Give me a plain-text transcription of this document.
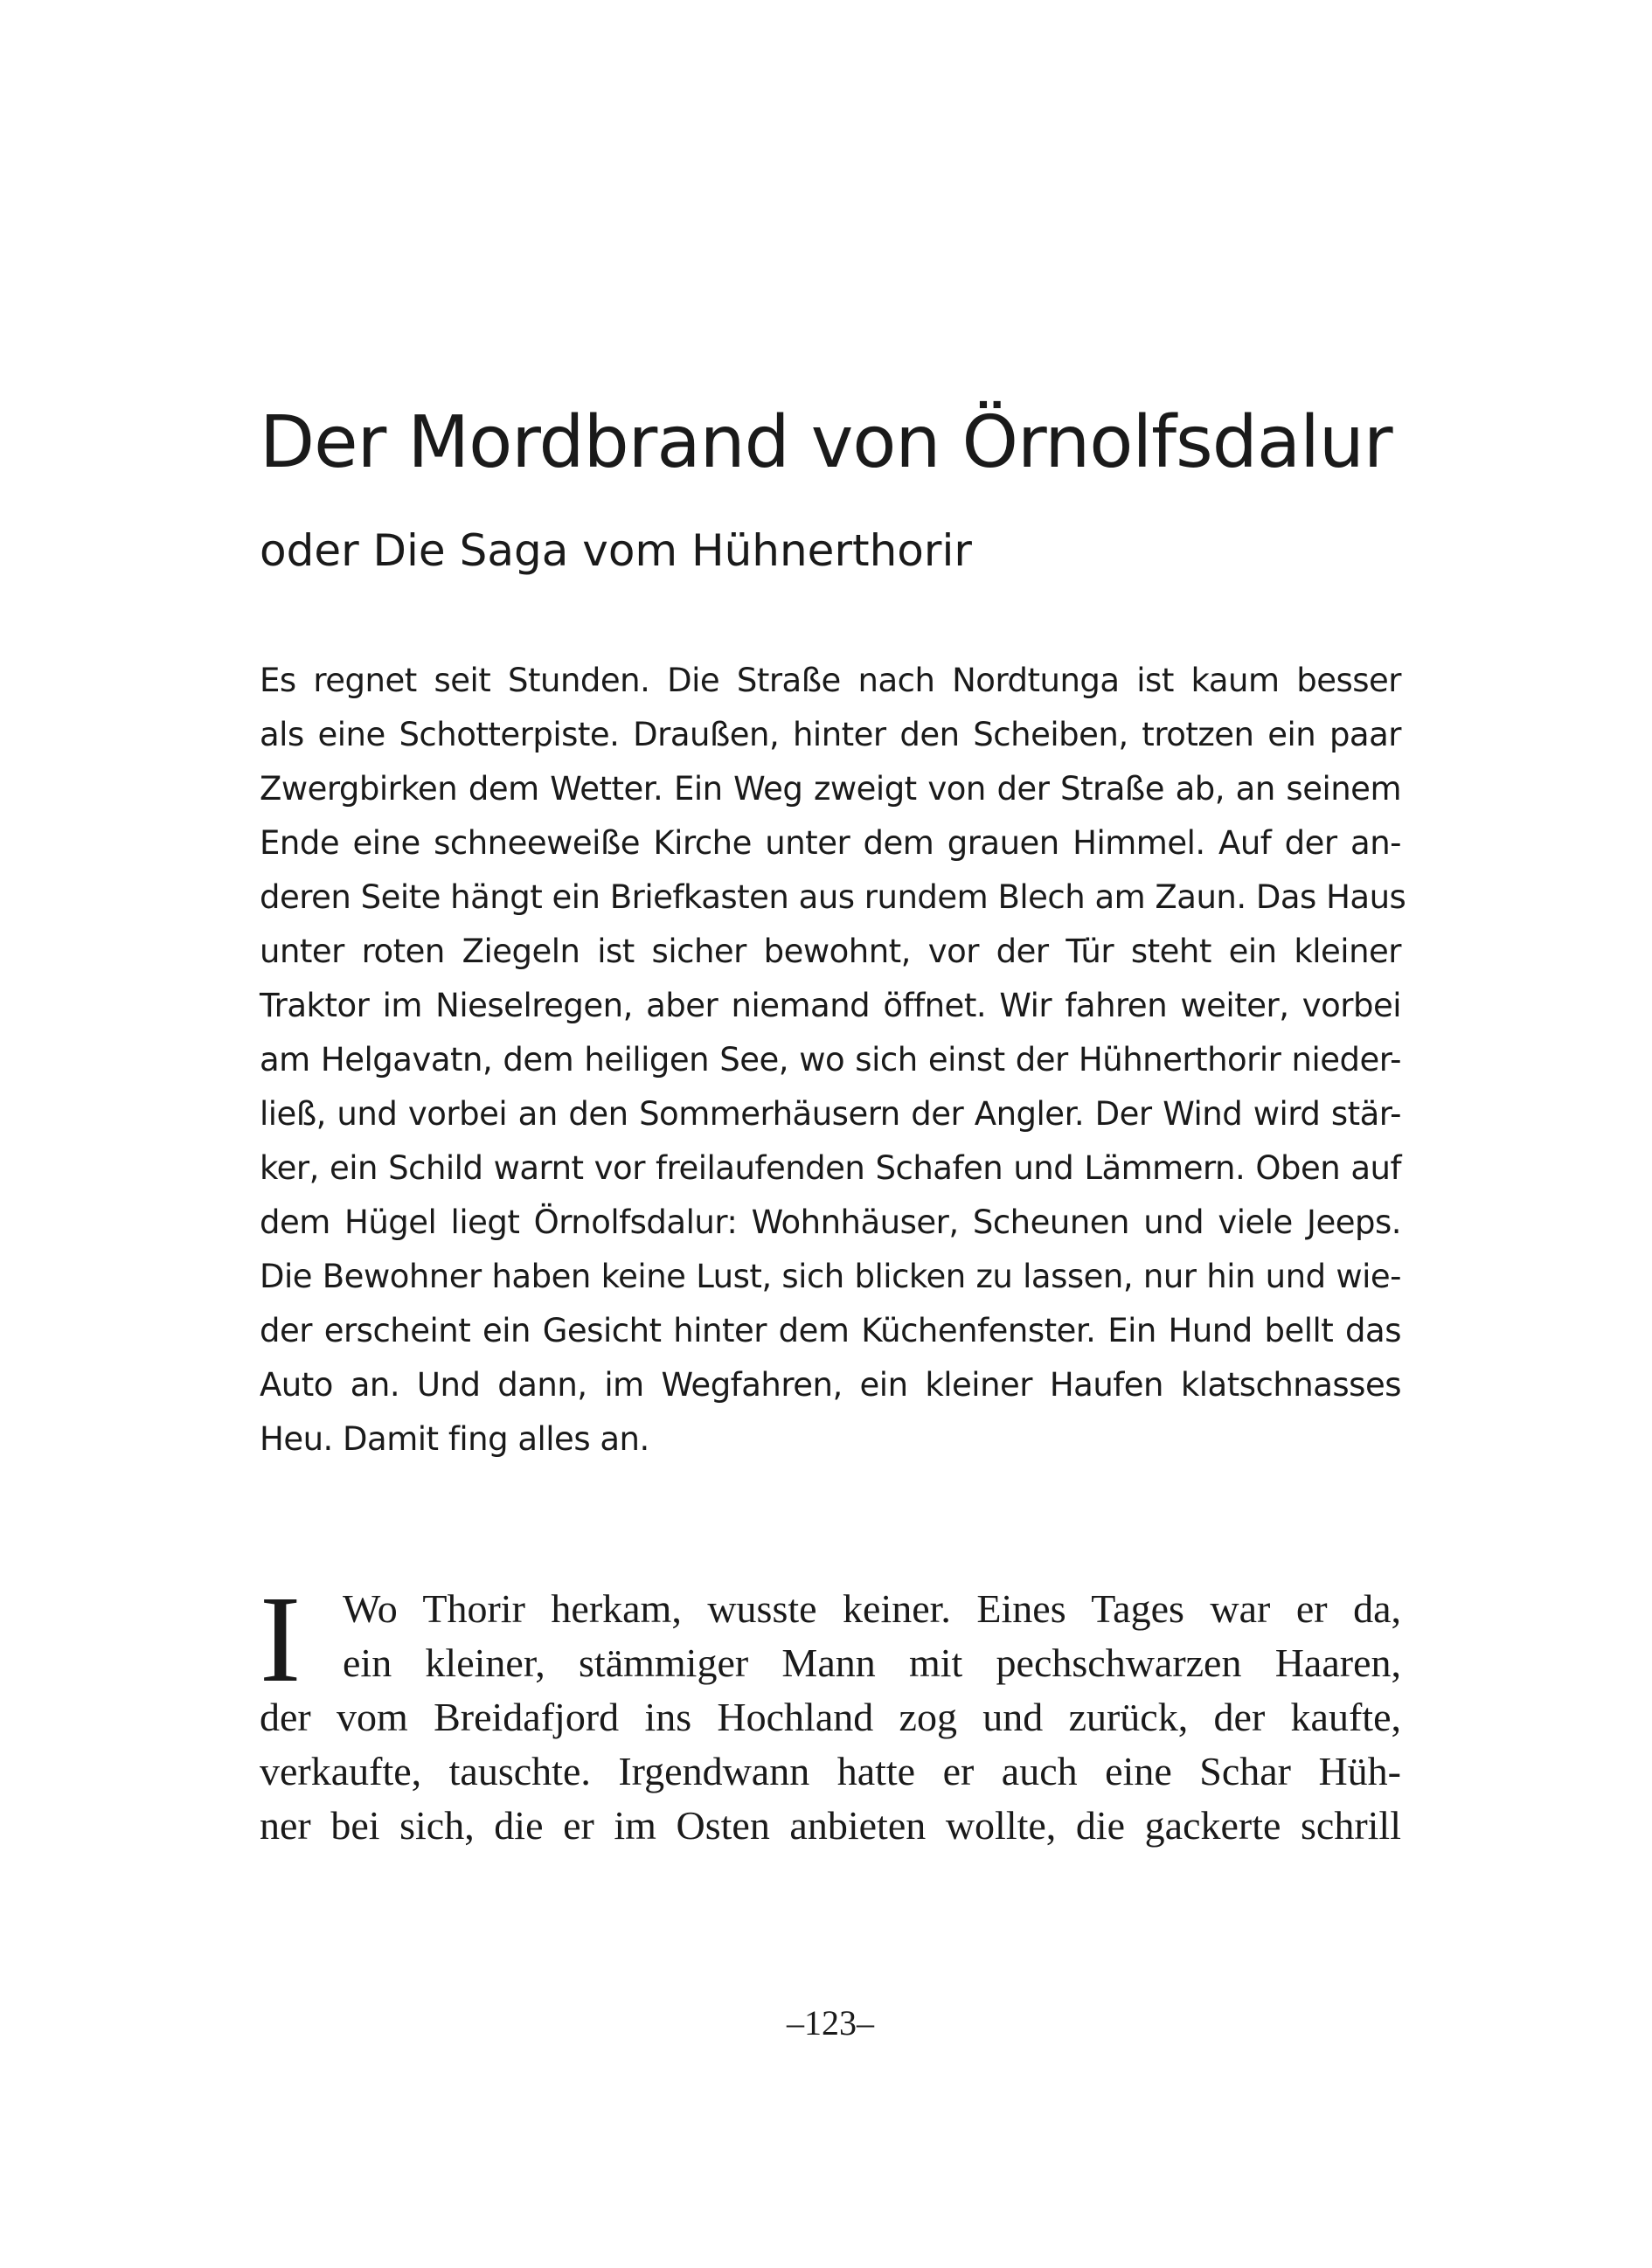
Der Mordbrand von Örnolfsdalur
oder Die Saga vom Hühnerthorir
Es regnet seit Stunden. Die Straße nach Nordtunga ist kaum besser
als eine Schotterpiste. Draußen, hinter den Scheiben, trotzen ein paar
Zwergbirken dem Wetter. Ein Weg zweigt von der Straße ab, an seinem
Ende eine schneeweiße Kirche unter dem grauen Himmel. Auf der an-
deren Seite hängt ein Briefkasten aus rundem Blech am Zaun. Das Haus
unter roten Ziegeln ist sicher bewohnt, vor der Tür steht ein kleiner
Traktor im Nieselregen, aber niemand öffnet. Wir fahren weiter, vorbei
am Helgavatn, dem heiligen See, wo sich einst der Hühnerthorir nieder-
ließ, und vorbei an den Sommerhäusern der Angler. Der Wind wird stär-
ker, ein Schild warnt vor freilaufenden Schafen und Lämmern. Oben auf
dem Hügel liegt Örnolfsdalur: Wohnhäuser, Scheunen und viele Jeeps.
Die Bewohner haben keine Lust, sich blicken zu lassen, nur hin und wie-
der erscheint ein Gesicht hinter dem Küchenfenster. Ein Hund bellt das
Auto an. Und dann, im Wegfahren, ein kleiner Haufen klatschnasses
Heu. Damit fing alles an.
I	Wo Thorir herkam, wusste keiner. Eines Tages war er da,
ein kleiner, stämmiger Mann mit pechschwarzen Haaren,
der vom Breidafjord ins Hochland zog und zurück, der kaufte,
verkaufte, tauschte. Irgendwann hatte er auch eine Schar Hüh-
ner bei sich, die er im Osten anbieten wollte, die gackerte schrill
–123–
